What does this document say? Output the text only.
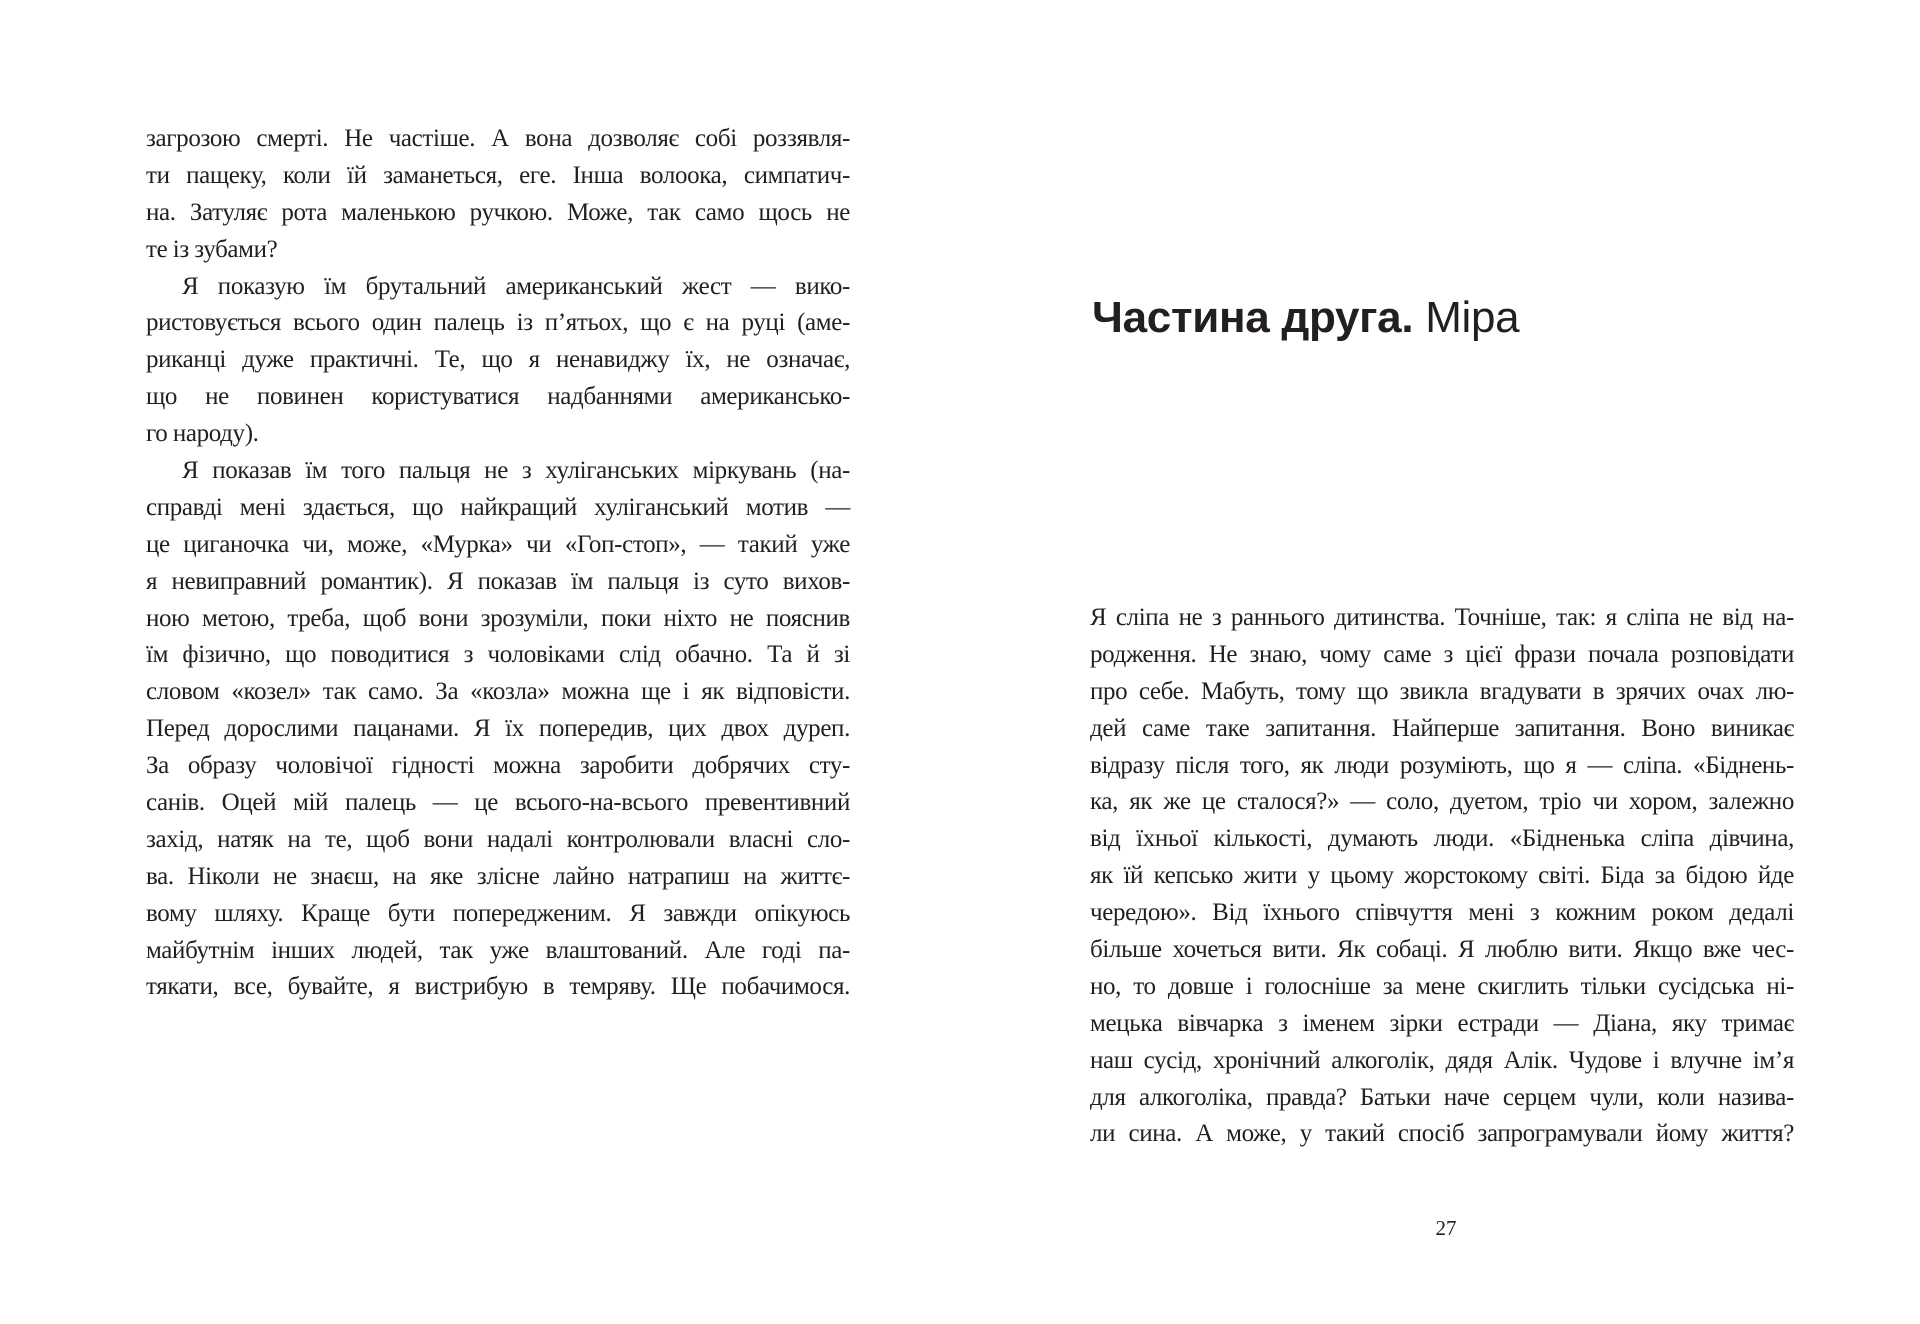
загрозою смерті. Не частіше. А вона дозволяє собі роззявля-
ти пащеку, коли їй заманеться, еге. Інша волоока, симпатич-
на. Затуляє рота маленькою ручкою. Може, так само щось не
те із зубами?

Я показую їм брутальний американський жест — вико-
ристовується всього один палець із п’ятьох, що є на руці (аме-
риканці дуже практичні. Те, що я ненавиджу їх, не означає,
що не повинен користуватися надбаннями американсько-
го народу).

Я показав їм того пальця не з хуліганських міркувань (на-
справді мені здається, що найкращий хуліганський мотив —
це циганочка чи, може, «Мурка» чи «Гоп-стоп», — такий уже
я невиправний романтик). Я показав їм пальця із суто вихов-
ною метою, треба, щоб вони зрозуміли, поки ніхто не пояснив
їм фізично, що поводитися з чоловіками слід обачно. Та й зі
словом «козел» так само. За «козла» можна ще і як відповісти.
Перед дорослими пацанами. Я їх попередив, цих двох дуреп.
За образу чоловічої гідності можна заробити добрячих сту-
санів. Оцей мій палець — це всього-на-всього превентивний
захід, натяк на те, щоб вони надалі контролювали власні сло-
ва. Ніколи не знаєш, на яке злісне лайно натрапиш на життє-
вому шляху. Краще бути попередженим. Я завжди опікуюсь
майбутнім інших людей, так уже влаштований. Але годі па-
тякати, все, бувайте, я вистрибую в темряву. Ще побачимося.

Частина друга. Міра

Я сліпа не з раннього дитинства. Точніше, так: я сліпа не від на-
родження. Не знаю, чому саме з цієї фрази почала розповідати
про себе. Мабуть, тому що звикла вгадувати в зрячих очах лю-
дей саме таке запитання. Найперше запитання. Воно виникає
відразу після того, як люди розуміють, що я — сліпа. «Біднень-
ка, як же це сталося?» — соло, дуетом, тріо чи хором, залежно
від їхньої кількості, думають люди. «Бідненька сліпа дівчина,
як їй кепсько жити у цьому жорстокому світі. Біда за бідою йде
чередою». Від їхнього співчуття мені з кожним роком дедалі
більше хочеться вити. Як собаці. Я люблю вити. Якщо вже чес-
но, то довше і голосніше за мене скиглить тільки сусідська ні-
мецька вівчарка з іменем зірки естради — Діана, яку тримає
наш сусід, хронічний алкоголік, дядя Алік. Чудове і влучне ім’я
для алкоголіка, правда? Батьки наче серцем чули, коли назива-
ли сина. А може, у такий спосіб запрограмували йому життя?

27
